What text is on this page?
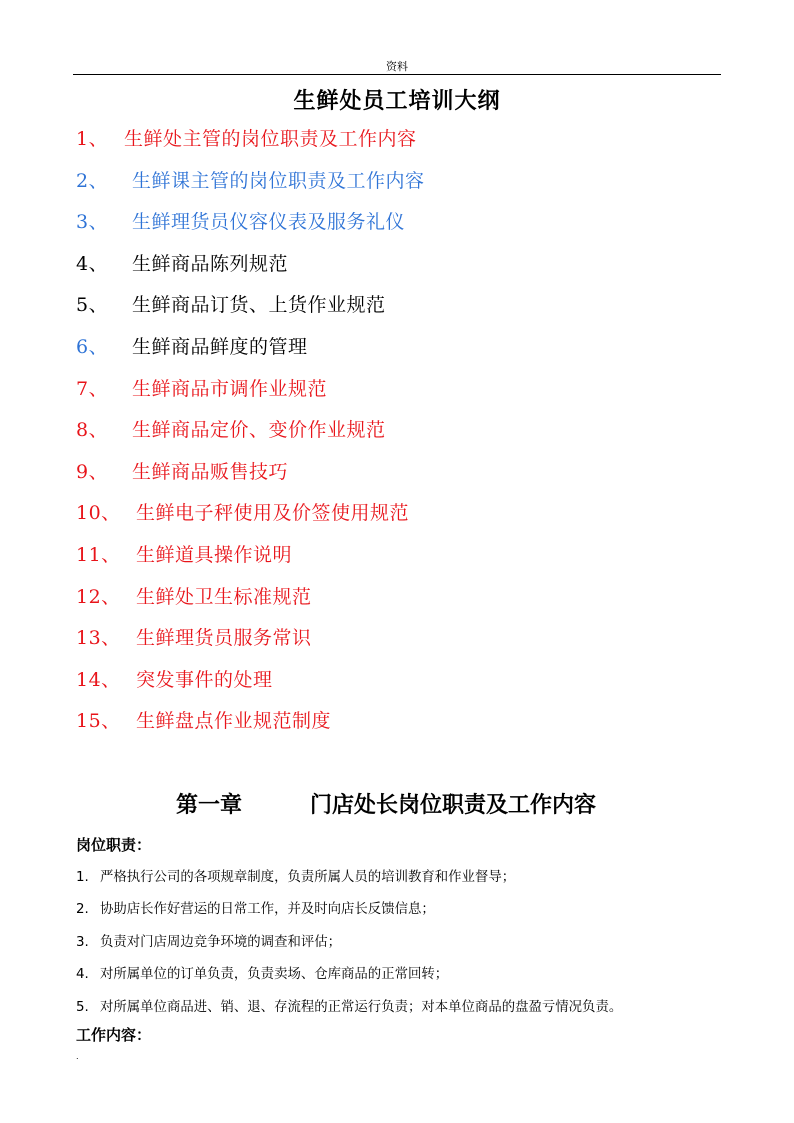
资料
生鲜处员工培训大纲
1、 生鲜处主管的岗位职责及工作内容
2、 生鲜课主管的岗位职责及工作内容
3、 生鲜理货员仪容仪表及服务礼仪
4、 生鲜商品陈列规范
5、 生鲜商品订货、上货作业规范
6、 生鲜商品鲜度的管理
7、 生鲜商品市调作业规范
8、 生鲜商品定价、变价作业规范
9、 生鲜商品贩售技巧
10、 生鲜电子秤使用及价签使用规范
11、 生鲜道具操作说明
12、 生鲜处卫生标准规范
13、 生鲜理货员服务常识
14、 突发事件的处理
15、 生鲜盘点作业规范制度
第一章	门店处长岗位职责及工作内容
岗位职责：
1. 严格执行公司的各项规章制度，负责所属人员的培训教育和作业督导；
2. 协助店长作好营运的日常工作，并及时向店长反馈信息；
3. 负责对门店周边竞争环境的调查和评估；
4. 对所属单位的订单负责，负责卖场、仓库商品的正常回转；
5. 对所属单位商品进、销、退、存流程的正常运行负责；对本单位商品的盘盈亏情况负责。
工作内容：
.
